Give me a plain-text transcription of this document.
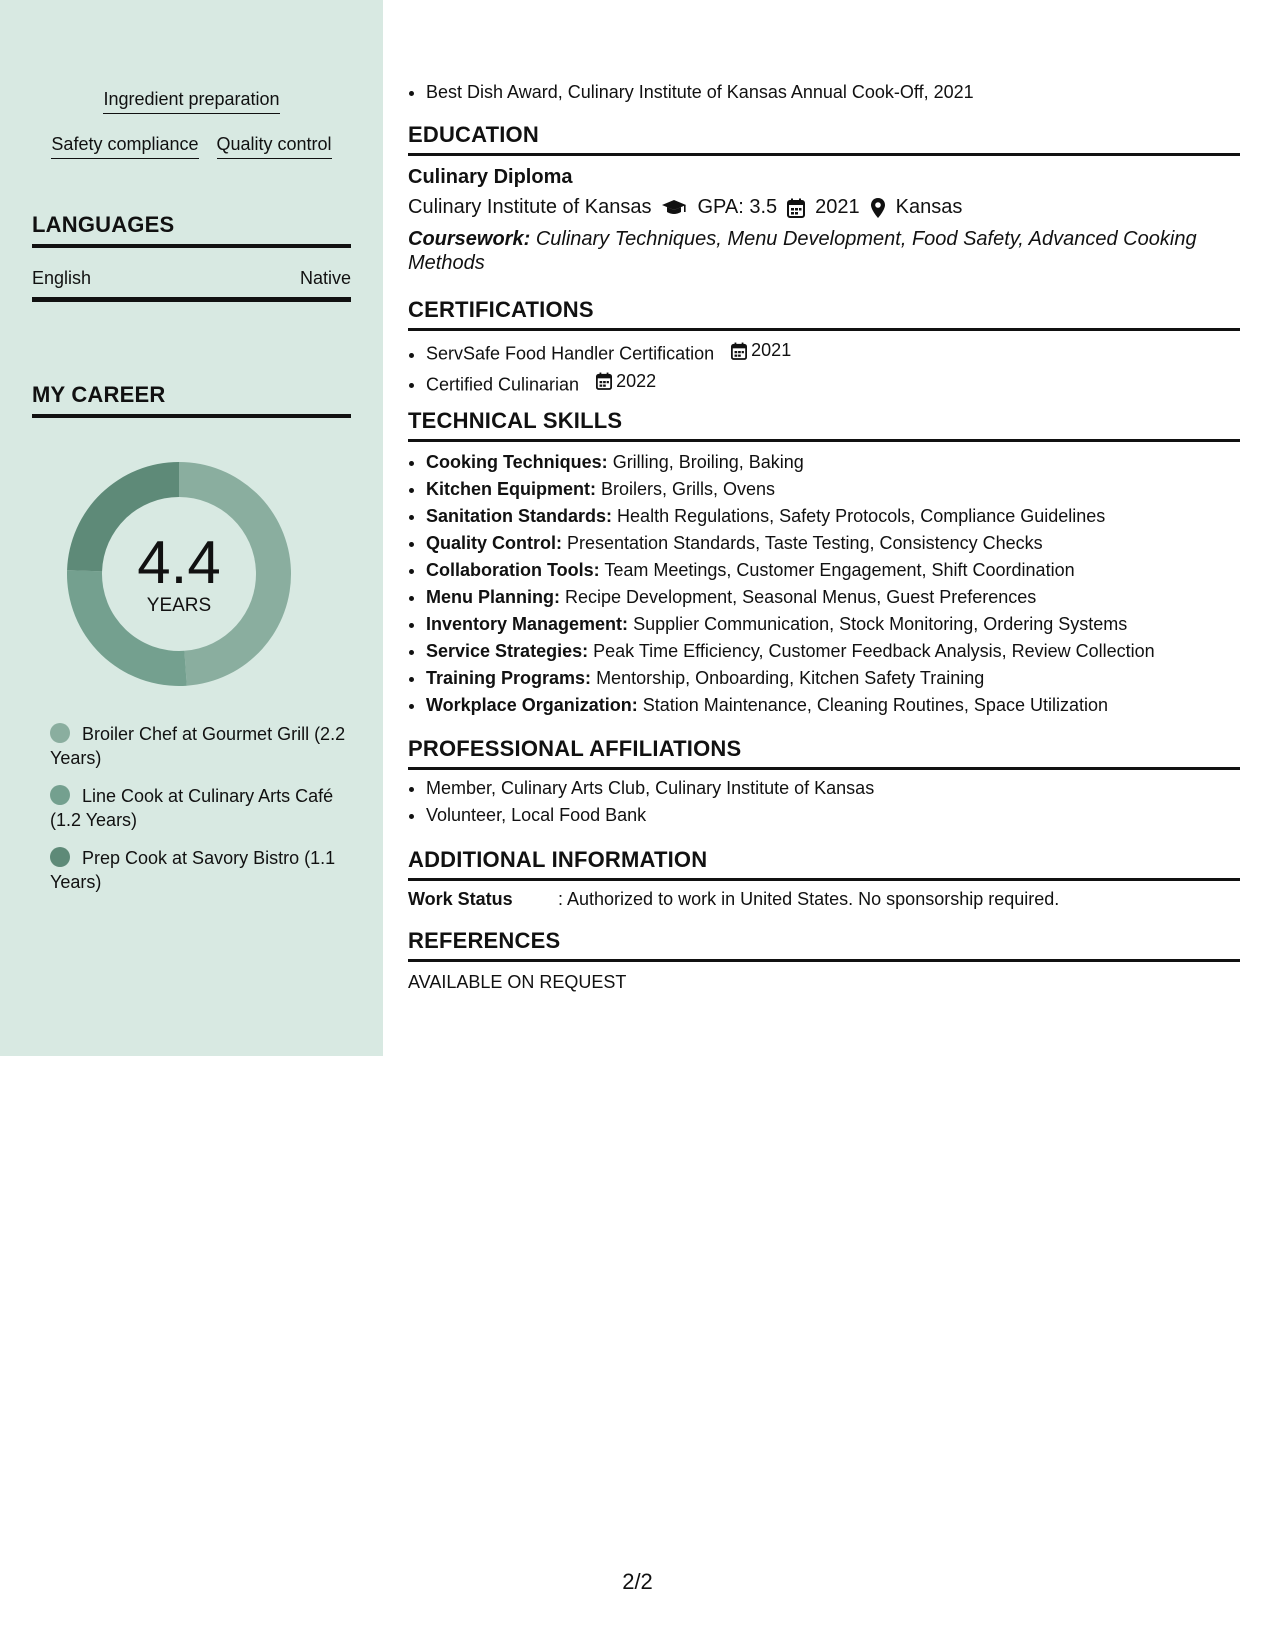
Ingredient preparation
Safety compliance Quality control
LANGUAGES
English	Native
MY CAREER
4.4
YEARS
Broiler Chef at Gourmet Grill (2.2 Years)
Line Cook at Culinary Arts Café (1.2 Years)
Prep Cook at Savory Bistro (1.1 Years)
• Best Dish Award, Culinary Institute of Kansas Annual Cook-Off, 2021
EDUCATION
Culinary Diploma
Culinary Institute of Kansas GPA: 3.5 2021 Kansas
Coursework: Culinary Techniques, Menu Development, Food Safety, Advanced Cooking Methods
CERTIFICATIONS
• ServSafe Food Handler Certification 2021
• Certified Culinarian 2022
TECHNICAL SKILLS
• Cooking Techniques: Grilling, Broiling, Baking
• Kitchen Equipment: Broilers, Grills, Ovens
• Sanitation Standards: Health Regulations, Safety Protocols, Compliance Guidelines
• Quality Control: Presentation Standards, Taste Testing, Consistency Checks
• Collaboration Tools: Team Meetings, Customer Engagement, Shift Coordination
• Menu Planning: Recipe Development, Seasonal Menus, Guest Preferences
• Inventory Management: Supplier Communication, Stock Monitoring, Ordering Systems
• Service Strategies: Peak Time Efficiency, Customer Feedback Analysis, Review Collection
• Training Programs: Mentorship, Onboarding, Kitchen Safety Training
• Workplace Organization: Station Maintenance, Cleaning Routines, Space Utilization
PROFESSIONAL AFFILIATIONS
• Member, Culinary Arts Club, Culinary Institute of Kansas
• Volunteer, Local Food Bank
ADDITIONAL INFORMATION
Work Status	: Authorized to work in United States. No sponsorship required.
REFERENCES
AVAILABLE ON REQUEST
2/2
